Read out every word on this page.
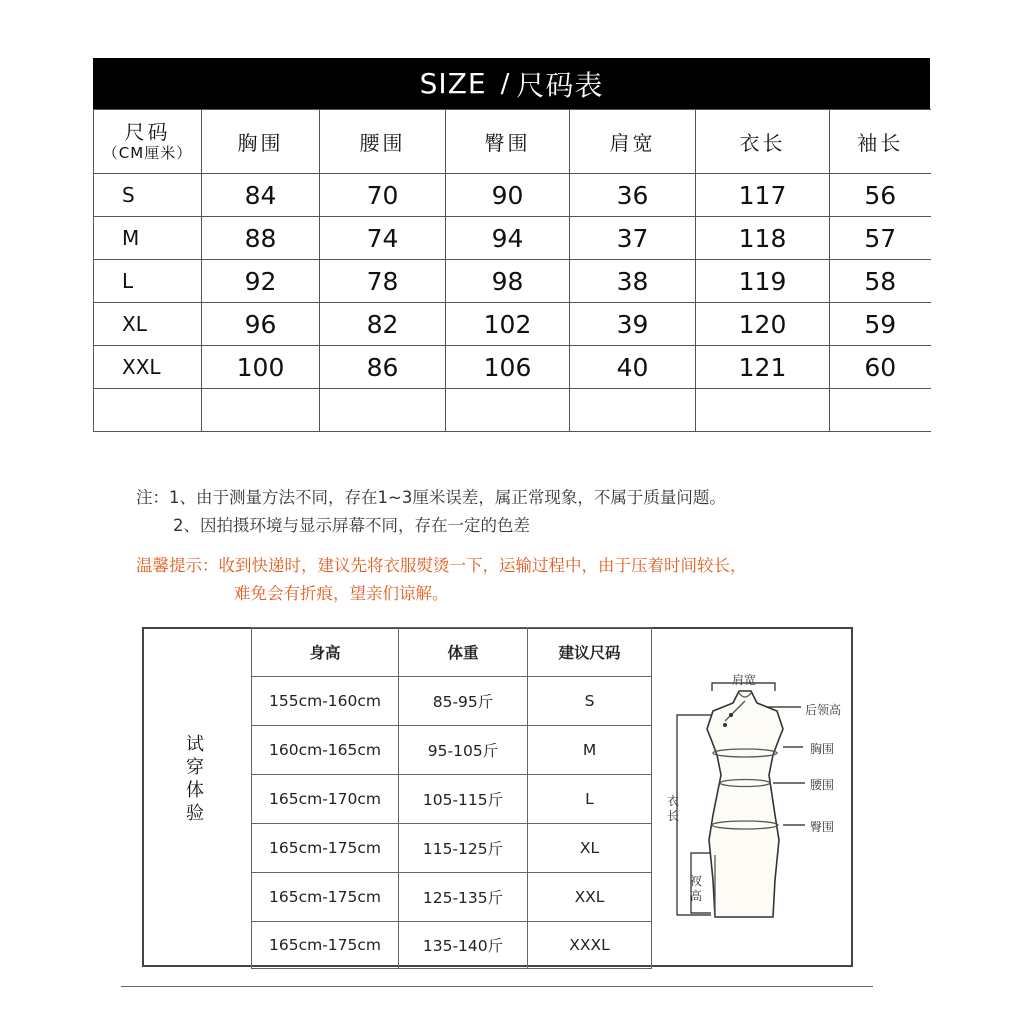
SIZE / 尺码表
尺码
（CM厘米）	胸围	腰围	臀围	肩宽	衣长	袖长
S	84	70	90	36	117	56
M	88	74	94	37	118	57
L	92	78	98	38	119	58
XL	96	82	102	39	120	59
XXL	100	86	106	40	121	60

注：1、由于测量方法不同，存在1~3厘米误差，属正常现象，不属于质量问题。
2、因拍摄环境与显示屏幕不同，存在一定的色差
温馨提示：收到快递时，建议先将衣服熨烫一下，运输过程中，由于压着时间较长，
难免会有折痕，望亲们谅解。
试
穿
体
验
身高	体重	建议尺码
155cm-160cm	85-95斤	S
160cm-165cm	95-105斤	M
165cm-170cm	105-115斤	L
165cm-175cm	115-125斤	XL
165cm-175cm	125-135斤	XXL
165cm-175cm	135-140斤	XXXL
肩宽
后领高
胸围
腰围
臀围
衣
长
衩
高
